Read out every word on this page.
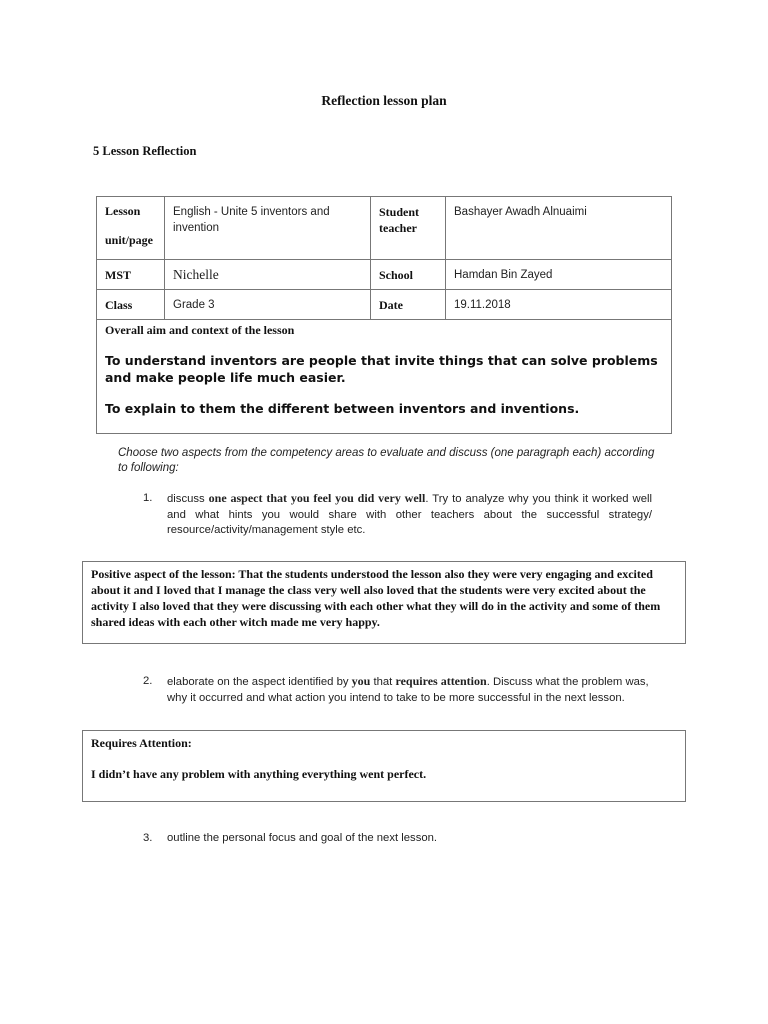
Reflection lesson plan
5 Lesson Reflection
Lesson unit/page	English - Unite 5 inventors and invention	Student teacher	Bashayer Awadh Alnuaimi
MST	Nichelle	School	Hamdan Bin Zayed
Class	Grade 3	Date	19.11.2018

Overall aim and context of the lesson
To understand inventors are people that invite things that can solve problems and make people life much easier.
To explain to them the different between inventors and inventions.			
Choose two aspects from the competency areas to evaluate and discuss (one paragraph each) according to following:
1. discuss one aspect that you feel you did very well. Try to analyze why you think it worked well and what hints you would share with other teachers about the successful strategy/ resource/activity/management style etc.
Positive aspect of the lesson: That the students understood the lesson also they were very engaging and excited about it and I loved that I manage the class very well also loved that the students were very excited about the activity I also loved that they were discussing with each other what they will do in the activity and some of them shared ideas with each other witch made me very happy.
2. elaborate on the aspect identified by you that requires attention. Discuss what the problem was, why it occurred and what action you intend to take to be more successful in the next lesson.

Requires Attention:

I didn’t have any problem with anything everything went perfect.

3. outline the personal focus and goal of the next lesson.
